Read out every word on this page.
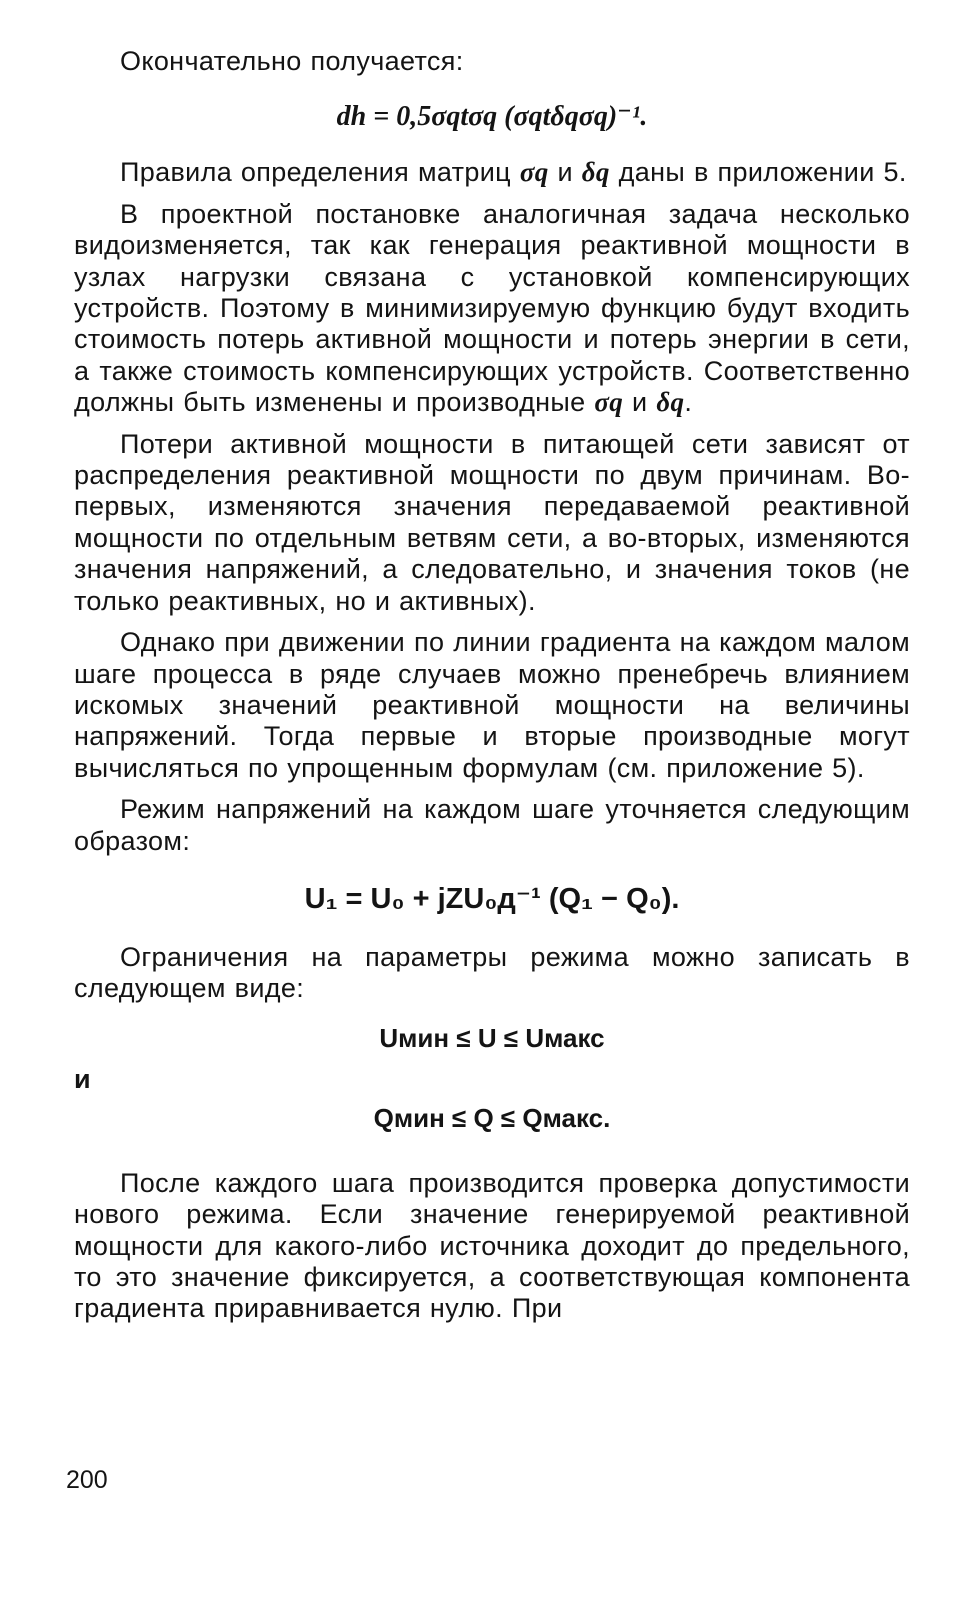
Окончательно получается:

dh = 0,5σqtσq (σqtδqσq)⁻¹.

Правила определения матриц σq и δq даны в приложении 5.

В проектной постановке аналогичная задача несколько видоизменяется, так как генерация реактивной мощности в узлах нагрузки связана с установкой компенсирующих устройств. Поэтому в минимизируемую функцию будут входить стоимость потерь активной мощности и потерь энергии в сети, а также стоимость компенсирующих устройств. Соответственно должны быть изменены и производные σq и δq.

Потери активной мощности в питающей сети зависят от распределения реактивной мощности по двум причинам. Во-первых, изменяются значения передаваемой реактивной мощности по отдельным ветвям сети, а во-вторых, изменяются значения напряжений, а следовательно, и значения токов (не только реактивных, но и активных).

Однако при движении по линии градиента на каждом малом шаге процесса в ряде случаев можно пренебречь влиянием искомых значений реактивной мощности на величины напряжений. Тогда первые и вторые производные могут вычисляться по упрощенным формулам (см. приложение 5).

Режим напряжений на каждом шаге уточняется следующим образом:

U₁ = U₀ + jZU₀д⁻¹ (Q₁ − Q₀).

Ограничения на параметры режима можно записать в следующем виде:

Uмин ≤ U ≤ Uмакс

и

Qмин ≤ Q ≤ Qмакс.

После каждого шага производится проверка допустимости нового режима. Если значение генерируемой реактивной мощности для какого-либо источника доходит до предельного, то это значение фиксируется, а соответствующая компонента градиента приравнивается нулю. При

200
